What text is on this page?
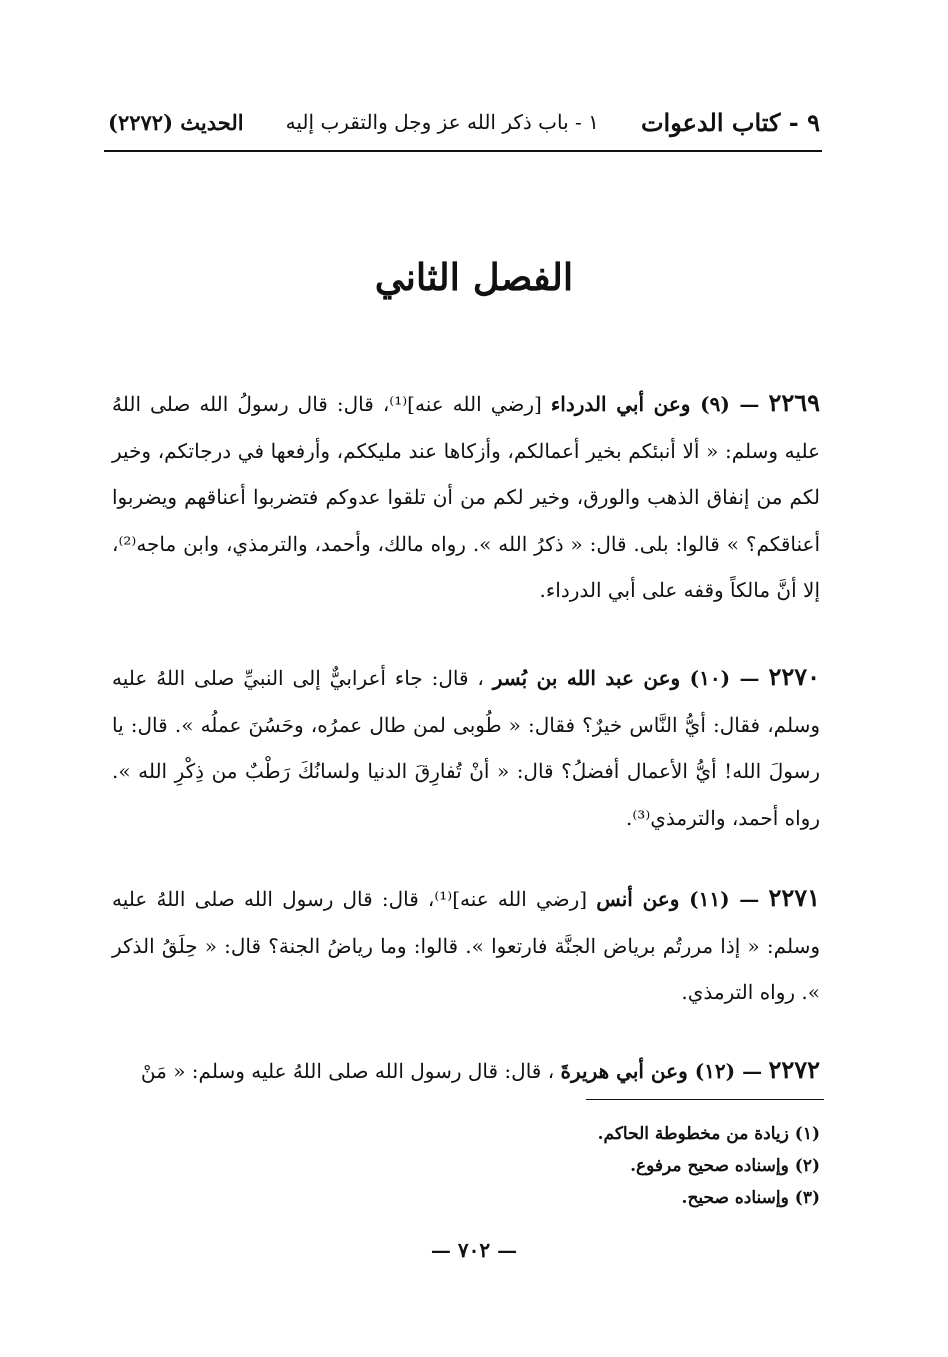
٩ - كتاب الدعوات
١ - باب ذكر الله عز وجل والتقرب إليه
الحديث (٢٢٧٢)
الفصل الثاني
٢٢٦٩ — (٩) وعن أبي الدرداء [رضي الله عنه]⁽¹⁾، قال: قال رسولُ الله صلى اللهُ عليه وسلم: « ألا أنبئكم بخير أعمالكم، وأزكاها عند مليككم، وأرفعها في درجاتكم، وخير لكم من إنفاق الذهب والورق، وخير لكم من أن تلقوا عدوكم فتضربوا أعناقهم ويضربوا أعناقكم؟ » قالوا: بلى. قال: « ذكرُ الله ». رواه مالك، وأحمد، والترمذي، وابن ماجه⁽²⁾، إلا أنَّ مالكاً وقفه على أبي الدرداء.
٢٢٧٠ — (١٠) وعن عبد الله بن بُسر ، قال: جاء أعرابيٌّ إلى النبيِّ صلى اللهُ عليه وسلم، فقال: أيُّ النَّاس خيرٌ؟ فقال: « طُوبى لمن طال عمرُه، وحَسُنَ عملُه ». قال: يا رسولَ الله! أيُّ الأعمال أفضلُ؟ قال: « أنْ تُفارِقَ الدنيا ولسانُكَ رَطْبٌ من ذِكْرِ الله ». رواه أحمد، والترمذي⁽³⁾.
٢٢٧١ — (١١) وعن أنس [رضي الله عنه]⁽¹⁾، قال: قال رسول الله صلى اللهُ عليه وسلم: « إذا مررتُم برياض الجنَّة فارتعوا ». قالوا: وما رياضُ الجنة؟ قال: « حِلَقُ الذكر ». رواه الترمذي.
٢٢٧٢ — (١٢) وعن أبي هريرةَ ، قال: قال رسول الله صلى اللهُ عليه وسلم: « مَنْ
(١) زيادة من مخطوطة الحاكم.
(٢) وإسناده صحيح مرفوع.
(٣) وإسناده صحيح.
— ٧٠٢ —
